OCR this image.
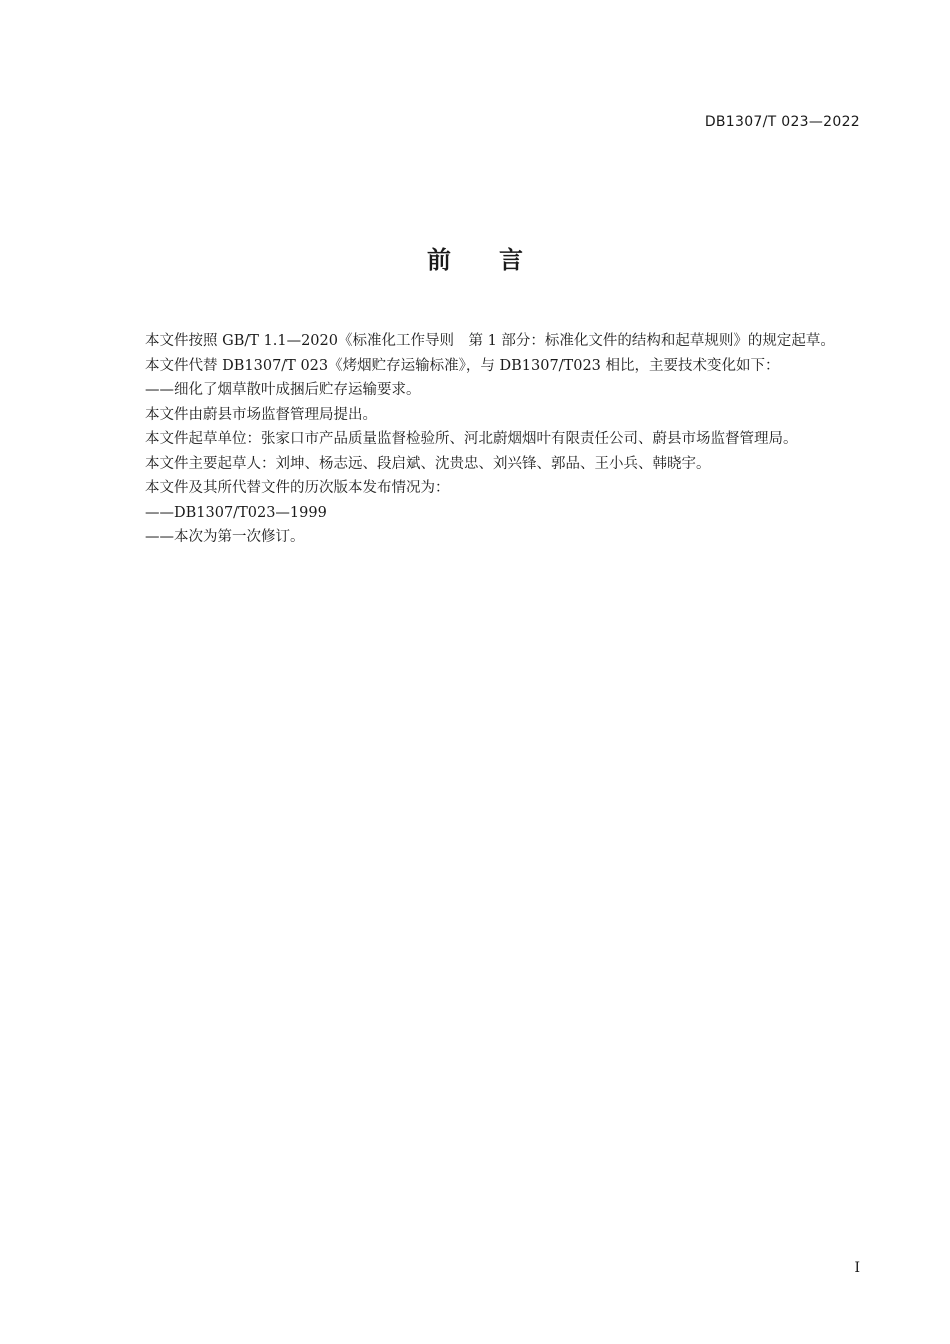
DB1307/T 023—2022
前言

本文件按照 GB/T 1.1—2020《标准化工作导则　第 1 部分：标准化文件的结构和起草规则》的规定起草。

本文件代替 DB1307/T 023《烤烟贮存运输标准》，与 DB1307/T023 相比，主要技术变化如下：

——细化了烟草散叶成捆后贮存运输要求。

本文件由蔚县市场监督管理局提出。

本文件起草单位：张家口市产品质量监督检验所、河北蔚烟烟叶有限责任公司、蔚县市场监督管理局。

本文件主要起草人：刘坤、杨志远、段启斌、沈贵忠、刘兴锋、郭品、王小兵、韩晓宇。

本文件及其所代替文件的历次版本发布情况为：

——DB1307/T023—1999

——本次为第一次修订。

I
